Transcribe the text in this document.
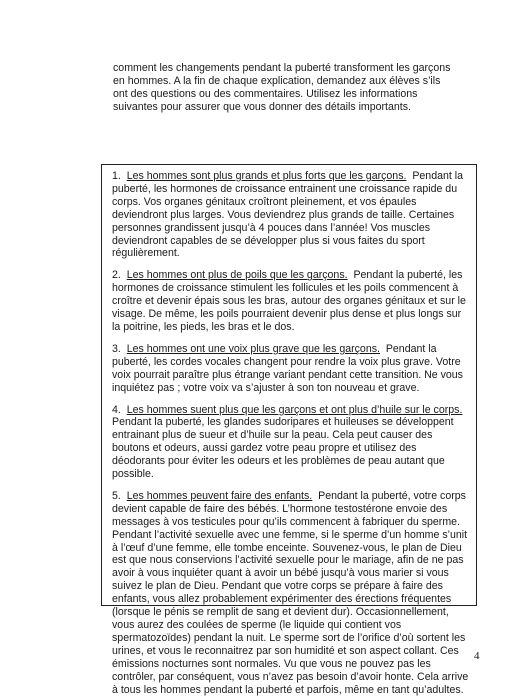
comment les changements pendant la puberté transforment les garçons en hommes. A la fin de chaque explication, demandez aux élèves s’ils ont des questions ou des commentaires. Utilisez les informations suivantes pour assurer que vous donner des détails importants.

1. Les hommes sont plus grands et plus forts que les garçons. Pendant la puberté, les hormones de croissance entrainent une croissance rapide du corps. Vos organes génitaux croîtront pleinement, et vos épaules deviendront plus larges. Vous deviendrez plus grands de taille. Certaines personnes grandissent jusqu’à 4 pouces dans l’année! Vos muscles deviendront capables de se développer plus si vous faites du sport régulièrement.

2. Les hommes ont plus de poils que les garçons. Pendant la puberté, les hormones de croissance stimulent les follicules et les poils commencent à croître et devenir épais sous les bras, autour des organes génitaux et sur le visage. De même, les poils pourraient devenir plus dense et plus longs sur la poitrine, les pieds, les bras et le dos.

3. Les hommes ont une voix plus grave que les garçons. Pendant la puberté, les cordes vocales changent pour rendre la voix plus grave. Votre voix pourrait paraître plus étrange variant pendant cette transition. Ne vous inquiétez pas ; votre voix va s’ajuster à son ton nouveau et grave.

4. Les hommes suent plus que les garçons et ont plus d’huile sur le corps. Pendant la puberté, les glandes sudoripares et huileuses se développent entrainant plus de sueur et d’huile sur la peau. Cela peut causer des boutons et odeurs, aussi gardez votre peau propre et utilisez des déodorants pour éviter les odeurs et les problèmes de peau autant que possible.

5. Les hommes peuvent faire des enfants. Pendant la puberté, votre corps devient capable de faire des bébés. L’hormone testostérone envoie des messages à vos testicules pour qu’ils commencent à fabriquer du sperme. Pendant l’activité sexuelle avec une femme, si le sperme d’un homme s’unit à l’œuf d’une femme, elle tombe enceinte. Souvenez-vous, le plan de Dieu est que nous conservions l’activité sexuelle pour le mariage, afin de ne pas avoir à vous inquiéter quant à avoir un bébé jusqu’à vous marier si vous suivez le plan de Dieu. Pendant que votre corps se prépare à faire des enfants, vous allez probablement expérimenter des érections fréquentes (lorsque le pénis se remplit de sang et devient dur). Occasionnellement, vous aurez des coulées de sperme (le liquide qui contient vos spermatozoïdes) pendant la nuit. Le sperme sort de l’orifice d’où sortent les urines, et vous le reconnaitrez par son humidité et son aspect collant. Ces émissions nocturnes sont normales. Vu que vous ne pouvez pas les contrôler, par conséquent, vous n’avez pas besoin d’avoir honte. Cela arrive à tous les hommes pendant la puberté et parfois, même en tant qu’adultes.

4
